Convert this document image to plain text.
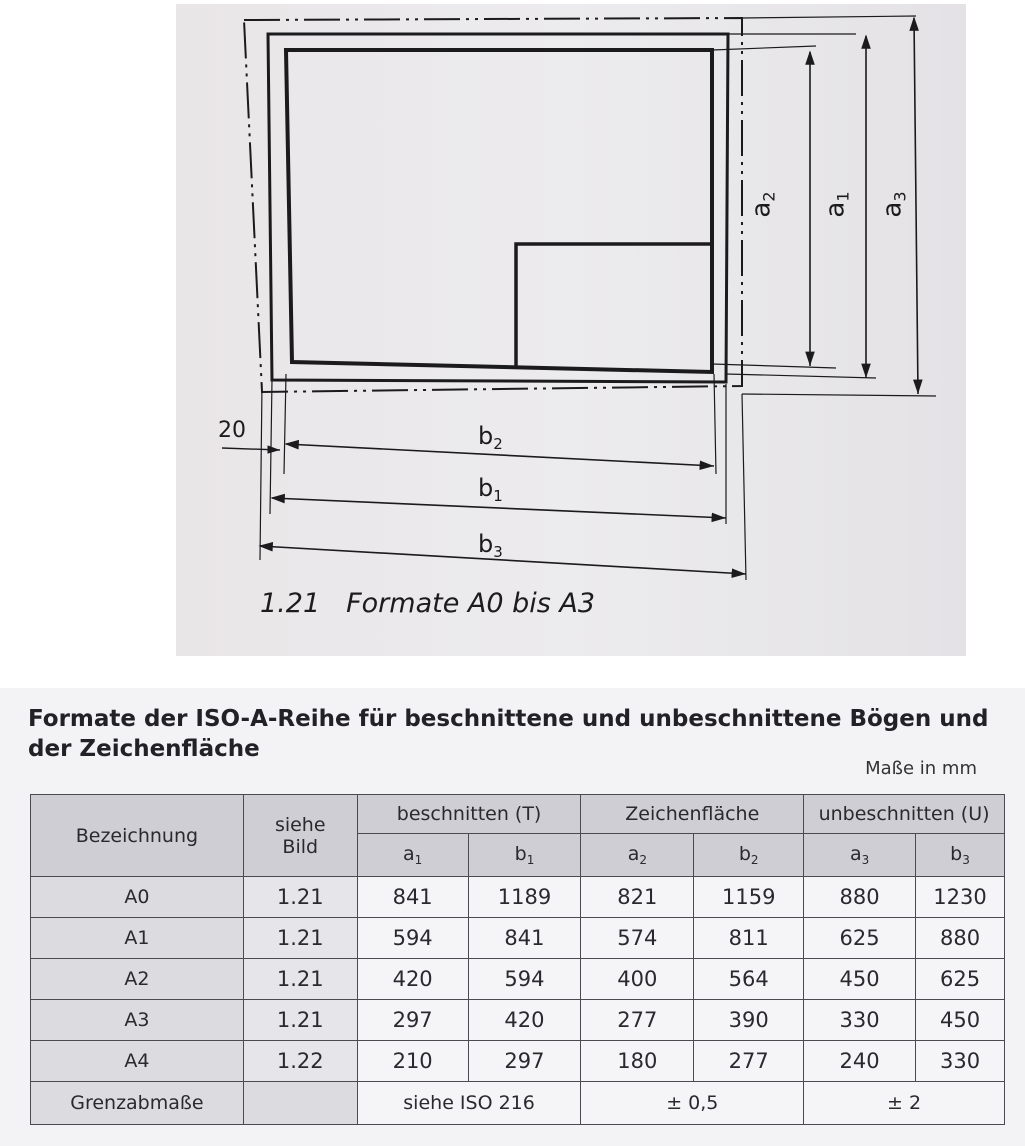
$a_2$
$a_1$
$a_3$
$b_2$
$b_1$
$b_3$
20
1.21 Formate A0 bis A3
Formate der ISO-A-Reihe für beschnittene und unbeschnittene Bögen und der Zeichenfläche
Maße in mm
Bezeichnung	siehe Bild	beschnitten (T)		Zeichenfläche		unbeschnitten (U)	
		$a_1$	$b_1$	$a_2$	$b_2$	$a_3$	$b_3$
A0	1.21	841	1189	821	1159	880	1230
A1	1.21	594	841	574	811	625	880
A2	1.21	420	594	400	564	450	625
A3	1.21	297	420	277	390	330	450
A4	1.22	210	297	180	277	240	330
Grenzabmaße		siehe ISO 216		± 0,5		± 2	
